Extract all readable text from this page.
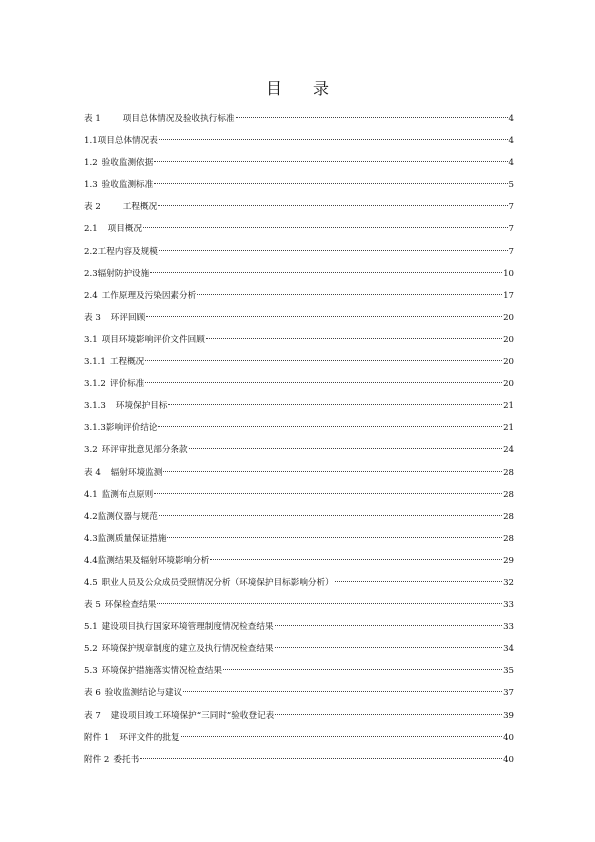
目 录
表 1	项目总体情况及验收执行标准	4
1.1项目总体情况表	4
1.2 验收监测依据	4
1.3 验收监测标准	5
表 2	工程概况	7
2.1 项目概况	7
2.2工程内容及规模	7
2.3辐射防护设施	10
2.4 工作原理及污染因素分析	17
表 3 环评回顾	20
3.1 项目环境影响评价文件回顾	20
3.1.1 工程概况	20
3.1.2 评价标准	20
3.1.3 环境保护目标	21
3.1.3影响评价结论	21
3.2 环评审批意见部分条款	24
表 4 辐射环境监测	28
4.1 监测布点原则	28
4.2监测仪器与规范	28
4.3监测质量保证措施	28
4.4监测结果及辐射环境影响分析	29
4.5 职业人员及公众成员受照情况分析（环境保护目标影响分析）	32
表 5 环保检查结果	33
5.1 建设项目执行国家环境管理制度情况检查结果	33
5.2 环境保护规章制度的建立及执行情况检查结果	34
5.3 环境保护措施落实情况检查结果	35
表 6 验收监测结论与建议	37
表 7 建设项目竣工环境保护“三同时”验收登记表	39
附件 1 环评文件的批复	40
附件 2 委托书	40
